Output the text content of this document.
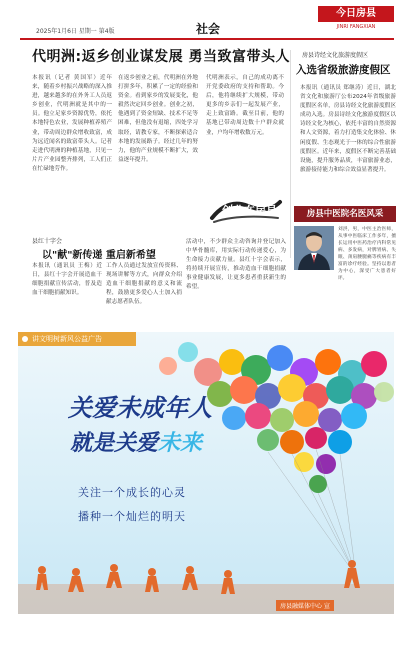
2025年1月6日 星期一 第4版	社会
今日房县
JINRI FANGXIAN
代明洲:返乡创业谋发展 勇当致富带头人
本报讯（记者 黄国军）近年来，随着乡村振兴战略的深入推进，越来越多的在外务工人员返乡创业，代明洲就是其中的一员。他立足家乡资源优势，依托本地特色农业，发展种植养殖产业，带动周边群众增收致富，成为远近闻名的致富带头人。记者走进代明洲的种植基地，只见一片片产业园整齐排列，工人们正在忙碌地劳作。
在返乡创业之前，代明洲在外地打拼多年，积累了一定的经验和资金。看到家乡的发展变化，他毅然决定回乡创业。创业之初，他遇到了资金短缺、技术不足等困难，但他没有退缩，四处学习取经，请教专家，不断探索适合本地的发展路子。经过几年的努力，他的产业规模不断扩大，效益逐年提升。
代明洲表示，自己的成功离不开党委政府的支持和帮助。今后，他将继续扩大规模，带动更多的乡亲们一起发展产业，走上致富路。截至目前，他的基地已带动周边数十户群众就业，户均年增收数万元。
创业在房县
房县诗经文化旅游度假区
入选省级旅游度假区
本报讯（通讯员 郑继涛）近日，湖北省文化和旅游厅公布2024年省级旅游度假区名单，房县诗经文化旅游度假区成功入选。房县诗经文化旅游度假区以诗经文化为核心，依托丰富的自然资源和人文资源，着力打造集文化体验、休闲度假、生态观光于一体的综合性旅游度假区。近年来，度假区不断完善基础设施，提升服务品质，丰富旅游业态，旅游接待能力和综合效益显著提升。
房县中医院名医风采
刘洪，男，中医主治医师，从事中医临床工作多年，擅长运用中医药治疗内科常见病、多发病，对脾胃病、失眠、颈肩腰腿痛等疾病有丰富的诊疗经验。坚持以患者为中心，深受广大患者好评。
县红十字会
以"献"新传递 重启新希望
本报讯（通讯员 王梅）近日，县红十字会开展造血干细胞捐献宣传活动，普及造血干细胞捐献知识。
工作人员通过发放宣传资料、现场讲解等方式，向群众介绍造血干细胞捐献的意义和流程，鼓励更多爱心人士加入捐献志愿者队伍。
活动中，不少群众主动咨询并登记加入中华骨髓库，用实际行动传递爱心，为生命接力贡献力量。县红十字会表示，将持续开展宣传，推动造血干细胞捐献事业健康发展，让更多患者重获新生的希望。
讲文明树新风公益广告
关爱未成年人
就是关爱未来
关注一个成长的心灵
播种一个灿烂的明天
房县融媒体中心 宣
